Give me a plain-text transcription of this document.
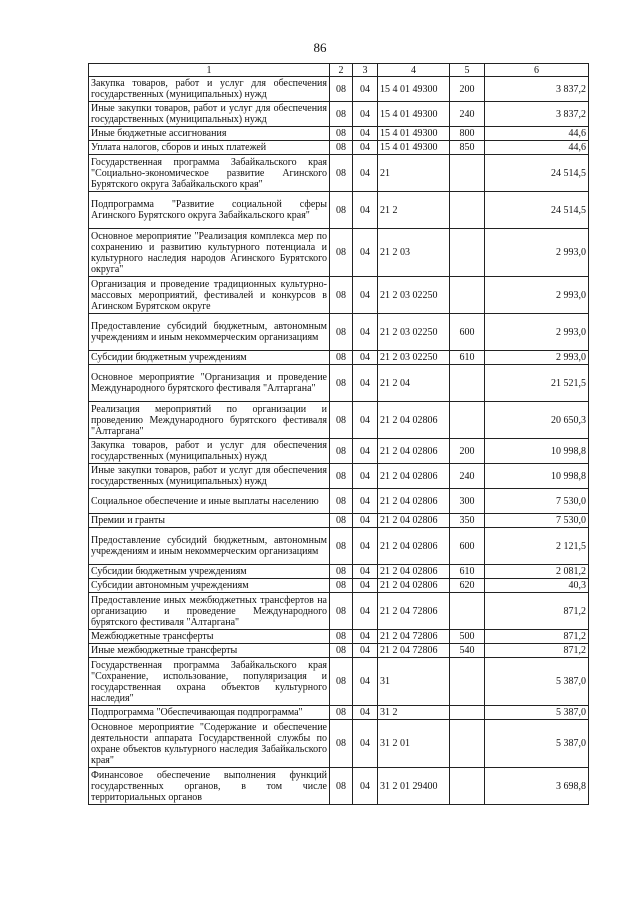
86
1	2	3	4	5	6
Закупка товаров, работ и услуг для обеспечения государственных (муниципальных) нужд	08	04	15 4 01 49300	200	3 837,2
Иные закупки товаров, работ и услуг для обеспечения государственных (муниципальных) нужд	08	04	15 4 01 49300	240	3 837,2
Иные бюджетные ассигнования	08	04	15 4 01 49300	800	44,6
Уплата налогов, сборов и иных платежей	08	04	15 4 01 49300	850	44,6
Государственная программа Забайкальского края "Социально-экономическое развитие Агинского Бурятского округа Забайкальского края"	08	04	21		24 514,5
Подпрограмма "Развитие социальной сферы Агинского Бурятского округа Забайкальского края"	08	04	21 2		24 514,5
Основное мероприятие "Реализация комплекса мер по сохранению и развитию культурного потенциала и культурного наследия народов Агинского Бурятского округа"	08	04	21 2 03		2 993,0
Организация и проведение традиционных культурно-массовых мероприятий, фестивалей и конкурсов в Агинском Бурятском округе	08	04	21 2 03 02250		2 993,0
Предоставление субсидий бюджетным, автономным учреждениям и иным некоммерческим организациям	08	04	21 2 03 02250	600	2 993,0
Субсидии бюджетным учреждениям	08	04	21 2 03 02250	610	2 993,0
Основное мероприятие "Организация и проведение Международного бурятского фестиваля "Алтаргана"	08	04	21 2 04		21 521,5
Реализация мероприятий по организации и проведению Международного бурятского фестиваля "Алтаргана"	08	04	21 2 04 02806		20 650,3
Закупка товаров, работ и услуг для обеспечения государственных (муниципальных) нужд	08	04	21 2 04 02806	200	10 998,8
Иные закупки товаров, работ и услуг для обеспечения государственных (муниципальных) нужд	08	04	21 2 04 02806	240	10 998,8
Социальное обеспечение и иные выплаты населению	08	04	21 2 04 02806	300	7 530,0
Премии и гранты	08	04	21 2 04 02806	350	7 530,0
Предоставление субсидий бюджетным, автономным учреждениям и иным некоммерческим организациям	08	04	21 2 04 02806	600	2 121,5
Субсидии бюджетным учреждениям	08	04	21 2 04 02806	610	2 081,2
Субсидии автономным учреждениям	08	04	21 2 04 02806	620	40,3
Предоставление иных межбюджетных трансфертов на организацию и проведение Международного бурятского фестиваля "Алтаргана"	08	04	21 2 04 72806		871,2
Межбюджетные трансферты	08	04	21 2 04 72806	500	871,2
Иные межбюджетные трансферты	08	04	21 2 04 72806	540	871,2
Государственная программа Забайкальского края "Сохранение, использование, популяризация и государственная охрана объектов культурного наследия"	08	04	31		5 387,0
Подпрограмма "Обеспечивающая подпрограмма"	08	04	31 2		5 387,0
Основное мероприятие "Содержание и обеспечение деятельности аппарата Государственной службы по охране объектов культурного наследия Забайкальского края"	08	04	31 2 01		5 387,0
Финансовое обеспечение выполнения функций государственных органов, в том числе территориальных органов	08	04	31 2 01 29400		3 698,8
